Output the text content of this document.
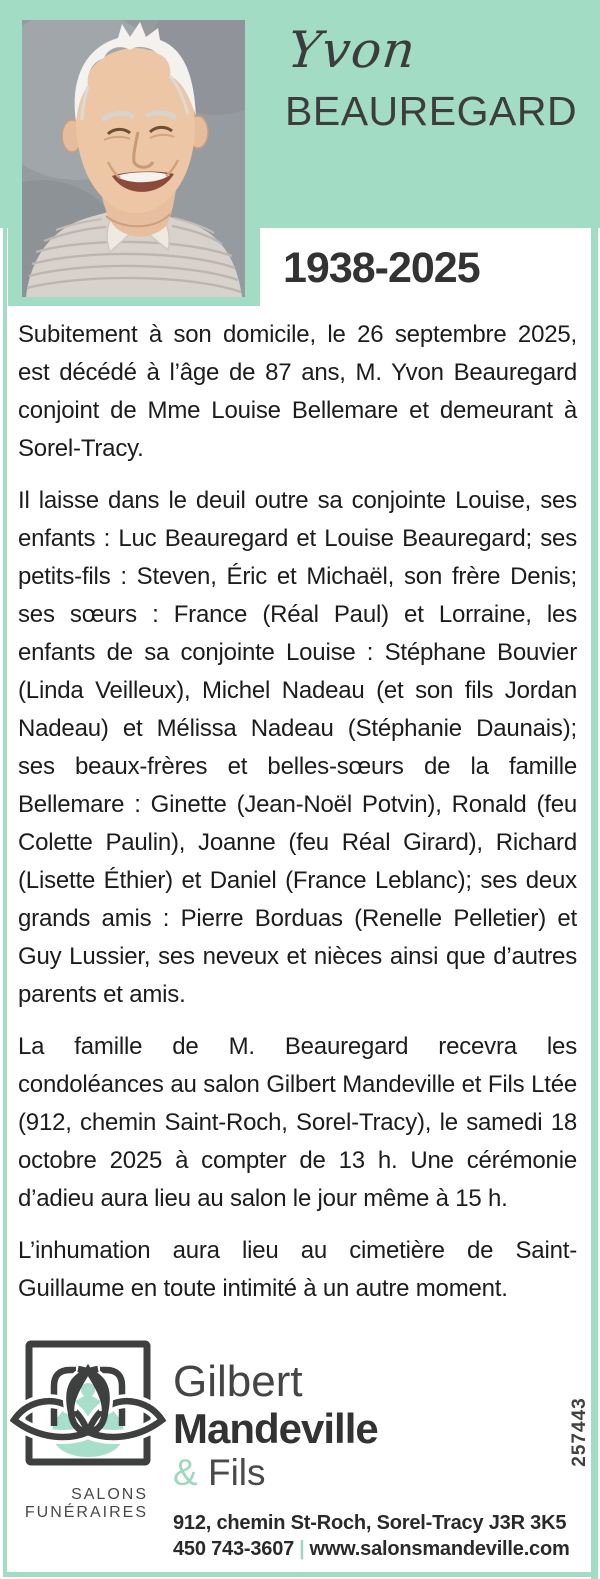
Yvon
BEAUREGARD
1938-2025

Subitement à son domicile, le 26 septembre 2025, est décédé à l’âge de 87 ans, M. Yvon Beauregard conjoint de Mme Louise Bellemare et demeurant à Sorel-Tracy.

Il laisse dans le deuil outre sa conjointe Louise, ses enfants : Luc Beauregard et Louise Beauregard; ses petits-fils : Steven, Éric et Michaël, son frère Denis; ses sœurs : France (Réal Paul) et Lorraine, les enfants de sa conjointe Louise : Stéphane Bouvier (Linda Veilleux), Michel Nadeau (et son fils Jordan Nadeau) et Mélissa Nadeau (Stéphanie Daunais); ses beaux-frères et belles-sœurs de la famille Bellemare : Ginette (Jean-Noël Potvin), Ronald (feu Colette Paulin), Joanne (feu Réal Girard), Richard (Lisette Éthier) et Daniel (France Leblanc); ses deux grands amis : Pierre Borduas (Renelle Pelletier) et Guy Lussier, ses neveux et nièces ainsi que d’autres parents et amis.

La famille de M. Beauregard recevra les condoléances au salon Gilbert Mandeville et Fils Ltée (912, chemin Saint-Roch, Sorel-Tracy), le samedi 18 octobre 2025 à compter de 13 h. Une cérémonie d’adieu aura lieu au salon le jour même à 15 h.

L’inhumation aura lieu au cimetière de Saint-Guillaume en toute intimité à un autre moment.

SALONS
FUNÉRAIRES
Gilbert
Mandeville
& Fils
912, chemin St-Roch, Sorel-Tracy J3R 3K5
450 743-3607 | www.salonsmandeville.com
257443
